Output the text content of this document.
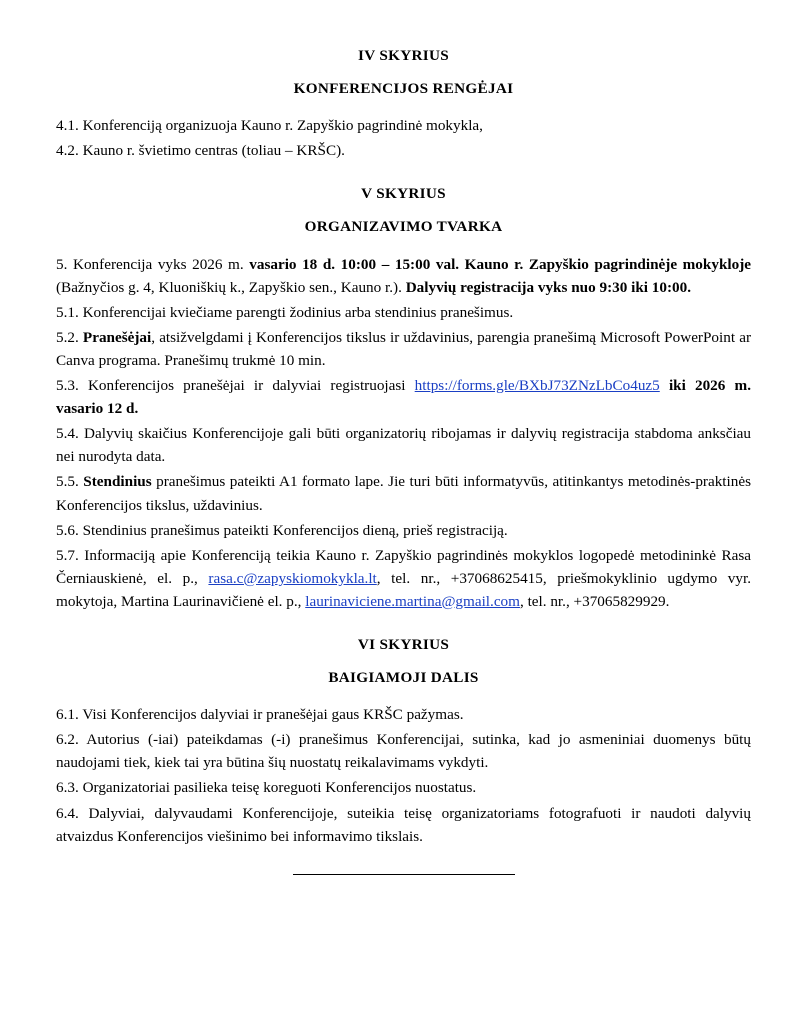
IV SKYRIUS
KONFERENCIJOS RENGĖJAI

4.1. Konferenciją organizuoja Kauno r. Zapyškio pagrindinė mokykla,

4.2. Kauno r. švietimo centras (toliau – KRŠC).

V SKYRIUS
ORGANIZAVIMO TVARKA

5. Konferencija vyks 2026 m. vasario 18 d. 10:00 – 15:00 val. Kauno r. Zapyškio pagrindinėje mokykloje (Bažnyčios g. 4, Kluoniškių k., Zapyškio sen., Kauno r.). Dalyvių registracija vyks nuo 9:30 iki 10:00.

5.1. Konferencijai kviečiame parengti žodinius arba stendinius pranešimus.

5.2. Pranešėjai, atsižvelgdami į Konferencijos tikslus ir uždavinius, parengia pranešimą Microsoft PowerPoint ar Canva programa. Pranešimų trukmė 10 min.

5.3. Konferencijos pranešėjai ir dalyviai registruojasi https://forms.gle/BXbJ73ZNzLbCo4uz5 iki 2026 m. vasario 12 d.

5.4. Dalyvių skaičius Konferencijoje gali būti organizatorių ribojamas ir dalyvių registracija stabdoma anksčiau nei nurodyta data.

5.5. Stendinius pranešimus pateikti A1 formato lape. Jie turi būti informatyvūs, atitinkantys metodinės-praktinės Konferencijos tikslus, uždavinius.

5.6. Stendinius pranešimus pateikti Konferencijos dieną, prieš registraciją.

5.7. Informaciją apie Konferenciją teikia Kauno r. Zapyškio pagrindinės mokyklos logopedė metodininkė Rasa Černiauskienė, el. p., rasa.c@zapyskiomokykla.lt, tel. nr., +37068625415, priešmokyklinio ugdymo vyr. mokytoja, Martina Laurinavičienė el. p., laurinaviciene.martina@gmail.com, tel. nr., +37065829929.

VI SKYRIUS
BAIGIAMOJI DALIS

6.1. Visi Konferencijos dalyviai ir pranešėjai gaus KRŠC pažymas.

6.2. Autorius (-iai) pateikdamas (-i) pranešimus Konferencijai, sutinka, kad jo asmeniniai duomenys būtų naudojami tiek, kiek tai yra būtina šių nuostatų reikalavimams vykdyti.

6.3. Organizatoriai pasilieka teisę koreguoti Konferencijos nuostatus.

6.4. Dalyviai, dalyvaudami Konferencijoje, suteikia teisę organizatoriams fotografuoti ir naudoti dalyvių atvaizdus Konferencijos viešinimo bei informavimo tikslais.
